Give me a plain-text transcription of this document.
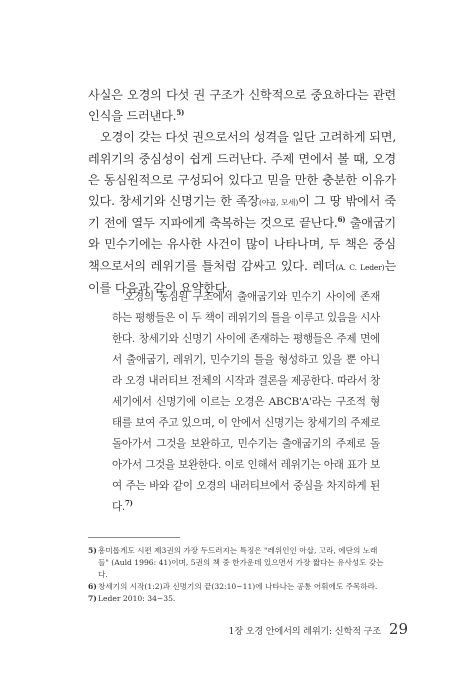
사실은 오경의 다섯 권 구조가 신학적으로 중요하다는 관련 인식을 드러낸다.$^{5)}$

오경이 갖는 다섯 권으로서의 성격을 일단 고려하게 되면, 레위기의 중심성이 쉽게 드러난다. 주제 면에서 볼 때, 오경은 동심원적으로 구성되어 있다고 믿을 만한 충분한 이유가 있다. 창세기와 신명기는 한 족장(야곱, 모세)이 그 땅 밖에서 죽기 전에 열두 지파에게 축복하는 것으로 끝난다.$^{6)}$ 출애굽기와 민수기에는 유사한 사건이 많이 나타나며, 두 책은 중심 책으로서의 레위기를 틀처럼 감싸고 있다. 레더(A. C. Leder)는 이를 다음과 같이 요약한다.

오경의 동심원 구조에서 출애굽기와 민수기 사이에 존재하는 평행들은 이 두 책이 레위기의 틀을 이루고 있음을 시사한다. 창세기와 신명기 사이에 존재하는 평행들은 주제 면에서 출애굽기, 레위기, 민수기의 틀을 형성하고 있을 뿐 아니라 오경 내러티브 전체의 시작과 결론을 제공한다. 따라서 창세기에서 신명기에 이르는 오경은 ABCB'A'라는 구조적 형태를 보여 주고 있으며, 이 안에서 신명기는 창세기의 주제로 돌아가서 그것을 보완하고, 민수기는 출애굽기의 주제로 돌아가서 그것을 보완한다. 이로 인해서 레위기는 아래 표가 보여 주는 바와 같이 오경의 내러티브에서 중심을 차지하게 된다.$^{7)}$

5) 흥미롭게도 시편 제3권의 가장 두드러지는 특징은 "레위인인 아삽, 고라, 에단의 노래들" (Auld 1996: 41)이며, 5권의 책 중 한가운데 있으면서 가장 짧다는 유사성도 갖는다.

6) 창세기의 시작(1:2)과 신명기의 끝(32:10~11)에 나타나는 공통 어휘에도 주목하라.

7) Leder 2010: 34~35.

1장 오경 안에서의 레위기: 신학적 구조 29
